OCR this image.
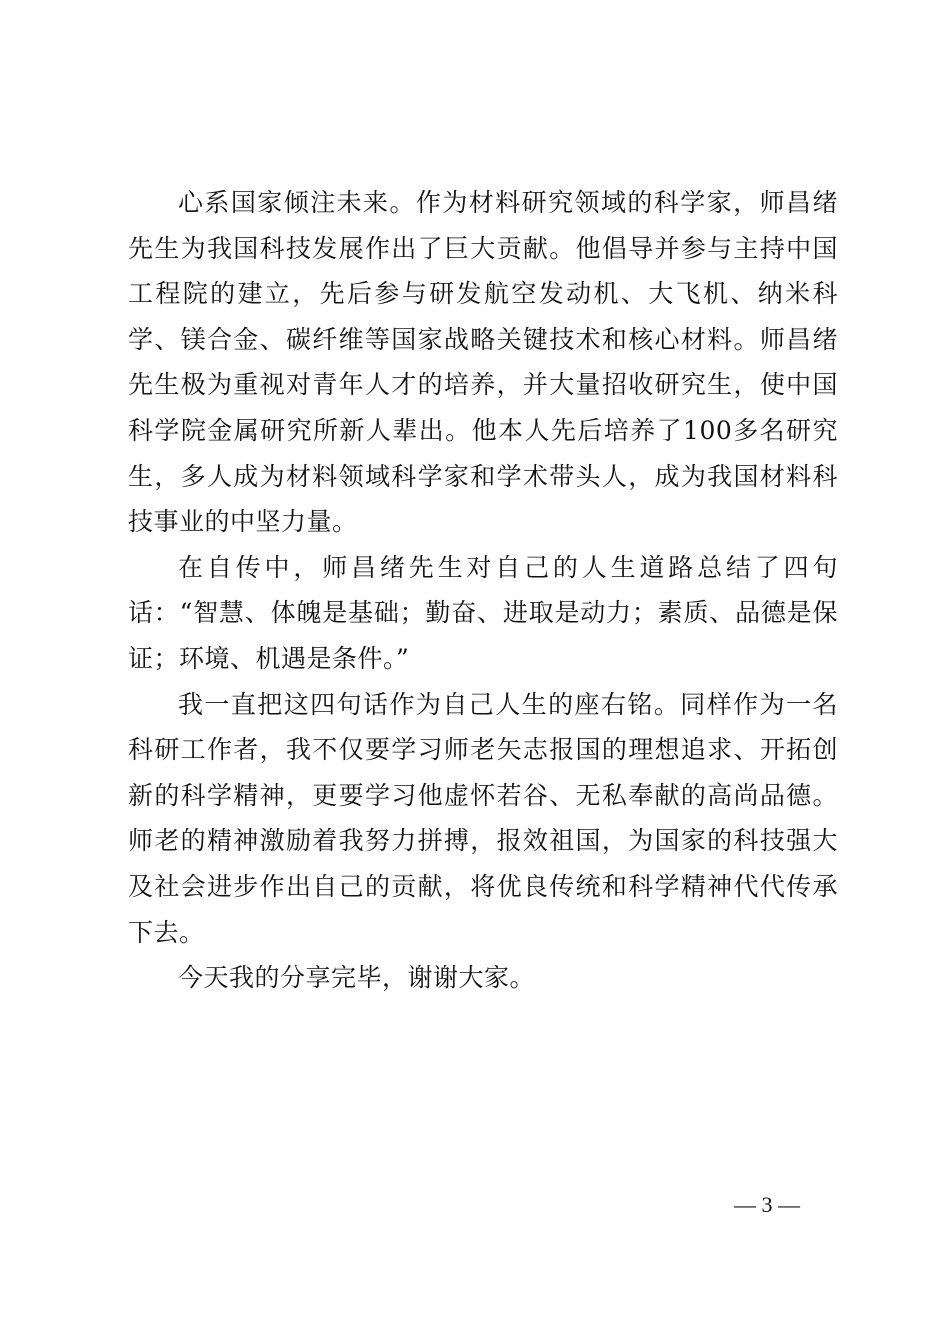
心系国家倾注未来。作为材料研究领域的科学家，师昌绪先生为我国科技发展作出了巨大贡献。他倡导并参与主持中国工程院的建立，先后参与研发航空发动机、大飞机、纳米科学、镁合金、碳纤维等国家战略关键技术和核心材料。师昌绪先生极为重视对青年人才的培养，并大量招收研究生，使中国科学院金属研究所新人辈出。他本人先后培养了100多名研究生，多人成为材料领域科学家和学术带头人，成为我国材料科技事业的中坚力量。

在自传中，师昌绪先生对自己的人生道路总结了四句话：“智慧、体魄是基础；勤奋、进取是动力；素质、品德是保证；环境、机遇是条件。”

我一直把这四句话作为自己人生的座右铭。同样作为一名科研工作者，我不仅要学习师老矢志报国的理想追求、开拓创新的科学精神，更要学习他虚怀若谷、无私奉献的高尚品德。师老的精神激励着我努力拼搏，报效祖国，为国家的科技强大及社会进步作出自己的贡献，将优良传统和科学精神代代传承下去。

今天我的分享完毕，谢谢大家。

— 3 —
